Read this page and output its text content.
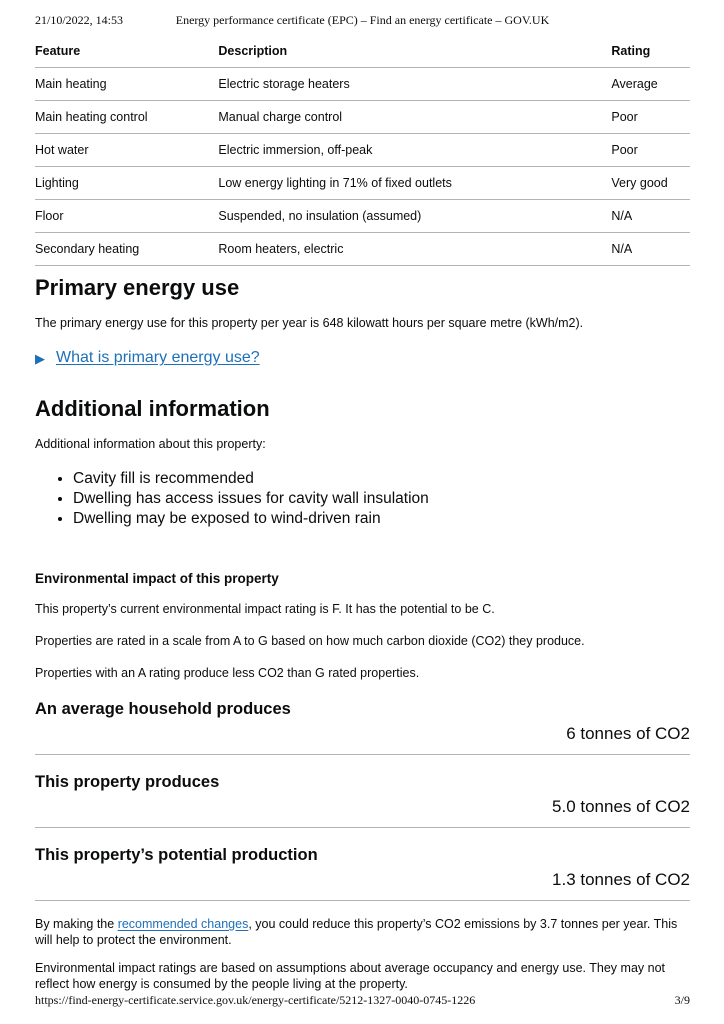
21/10/2022, 14:53	Energy performance certificate (EPC) – Find an energy certificate – GOV.UK
Feature	Description	Rating
Main heating	Electric storage heaters	Average
Main heating control	Manual charge control	Poor
Hot water	Electric immersion, off-peak	Poor
Lighting	Low energy lighting in 71% of fixed outlets	Very good
Floor	Suspended, no insulation (assumed)	N/A
Secondary heating	Room heaters, electric	N/A
Primary energy use

The primary energy use for this property per year is 648 kilowatt hours per square metre (kWh/m2).

▶ What is primary energy use?
Additional information

Additional information about this property:

• Cavity fill is recommended
• Dwelling has access issues for cavity wall insulation
• Dwelling may be exposed to wind-driven rain
Environmental impact of this property

This property’s current environmental impact rating is F. It has the potential to be C.

Properties are rated in a scale from A to G based on how much carbon dioxide (CO2) they produce.

Properties with an A rating produce less CO2 than G rated properties.

An average household produces
6 tonnes of CO2
This property produces
5.0 tonnes of CO2
This property’s potential production
1.3 tonnes of CO2

By making the recommended changes, you could reduce this property’s CO2 emissions by 3.7 tonnes per year. This will help to protect the environment.

Environmental impact ratings are based on assumptions about average occupancy and energy use. They may not reflect how energy is consumed by the people living at the property.

https://find-energy-certificate.service.gov.uk/energy-certificate/5212-1327-0040-0745-1226	3/9
